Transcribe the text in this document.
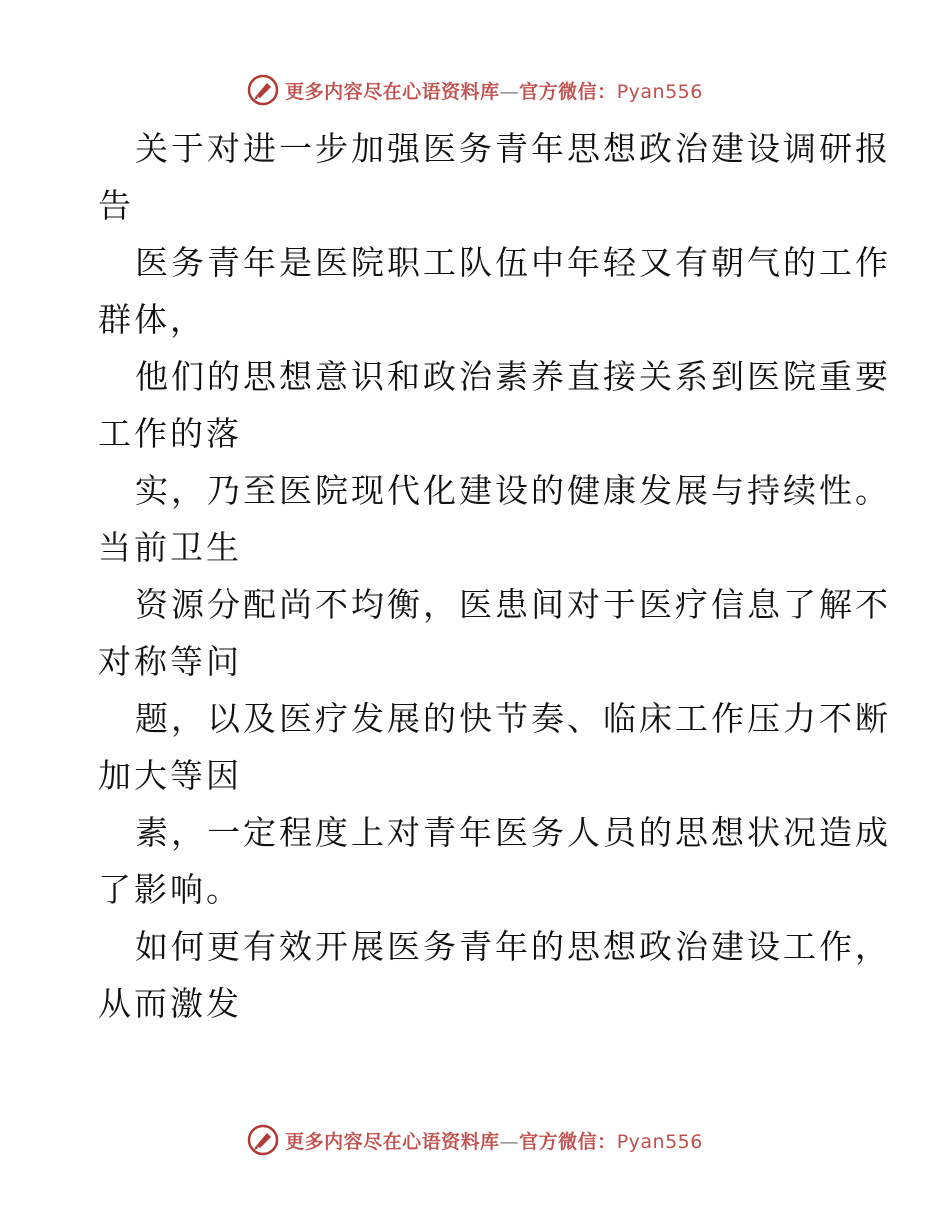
更多内容尽在心语资料库—官方微信：Pyan556

关于对进一步加强医务青年思想政治建设调研报
告

医务青年是医院职工队伍中年轻又有朝气的工作
群体，

他们的思想意识和政治素养直接关系到医院重要
工作的落

实，乃至医院现代化建设的健康发展与持续性。
当前卫生

资源分配尚不均衡，医患间对于医疗信息了解不
对称等问

题，以及医疗发展的快节奏、临床工作压力不断
加大等因

素，一定程度上对青年医务人员的思想状况造成
了影响。

如何更有效开展医务青年的思想政治建设工作，
从而激发

更多内容尽在心语资料库—官方微信：Pyan556
